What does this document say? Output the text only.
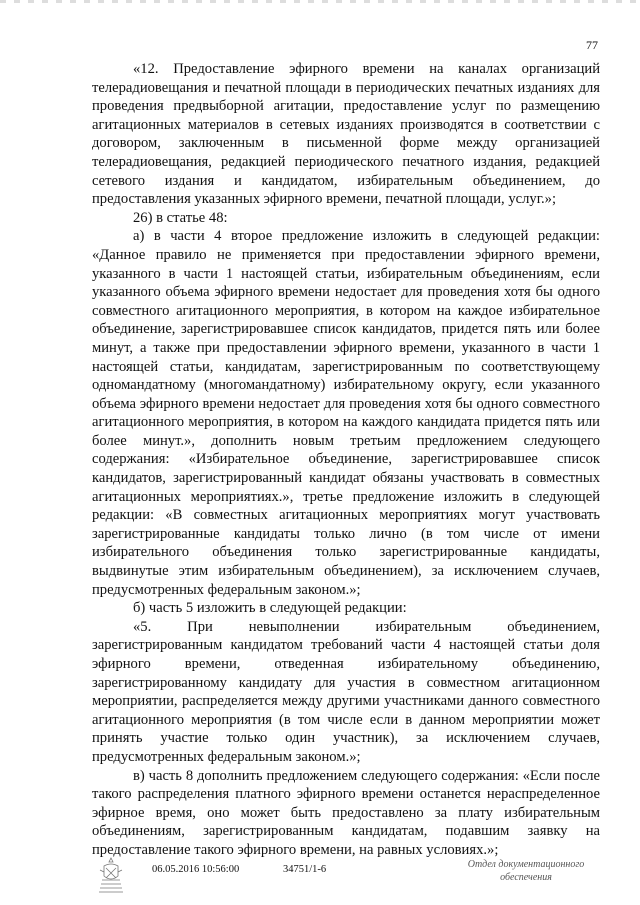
77

«12. Предоставление эфирного времени на каналах организаций телерадиовещания и печатной площади в периодических печатных изданиях для проведения предвыборной агитации, предоставление услуг по размещению агитационных материалов в сетевых изданиях производятся в соответствии с договором, заключенным в письменной форме между организацией телерадиовещания, редакцией периодического печатного издания, редакцией сетевого издания и кандидатом, избирательным объединением, до предоставления указанных эфирного времени, печатной площади, услуг.»;

26) в статье 48:

а) в части 4 второе предложение изложить в следующей редакции: «Данное правило не применяется при предоставлении эфирного времени, указанного в части 1 настоящей статьи, избирательным объединениям, если указанного объема эфирного времени недостает для проведения хотя бы одного совместного агитационного мероприятия, в котором на каждое избирательное объединение, зарегистрировавшее список кандидатов, придется пять или более минут, а также при предоставлении эфирного времени, указанного в части 1 настоящей статьи, кандидатам, зарегистрированным по соответствующему одномандатному (многомандатному) избирательному округу, если указанного объема эфирного времени недостает для проведения хотя бы одного совместного агитационного мероприятия, в котором на каждого кандидата придется пять или более минут.», дополнить новым третьим предложением следующего содержания: «Избирательное объединение, зарегистрировавшее список кандидатов, зарегистрированный кандидат обязаны участвовать в совместных агитационных мероприятиях.», третье предложение изложить в следующей редакции: «В совместных агитационных мероприятиях могут участвовать зарегистрированные кандидаты только лично (в том числе от имени избирательного объединения только зарегистрированные кандидаты, выдвинутые этим избирательным объединением), за исключением случаев, предусмотренных федеральным законом.»;

б) часть 5 изложить в следующей редакции:

«5. При невыполнении избирательным объединением, зарегистрированным кандидатом требований части 4 настоящей статьи доля эфирного времени, отведенная избирательному объединению, зарегистрированному кандидату для участия в совместном агитационном мероприятии, распределяется между другими участниками данного совместного агитационного мероприятия (в том числе если в данном мероприятии может принять участие только один участник), за исключением случаев, предусмотренных федеральным законом.»;

в) часть 8 дополнить предложением следующего содержания: «Если после такого распределения платного эфирного времени останется нераспределенное эфирное время, оно может быть предоставлено за плату избирательным объединениям, зарегистрированным кандидатам, подавшим заявку на предоставление такого эфирного времени, на равных условиях.»;

06.05.2016 10:56:00	34751/1-6	Отдел документационного
обеспечения
